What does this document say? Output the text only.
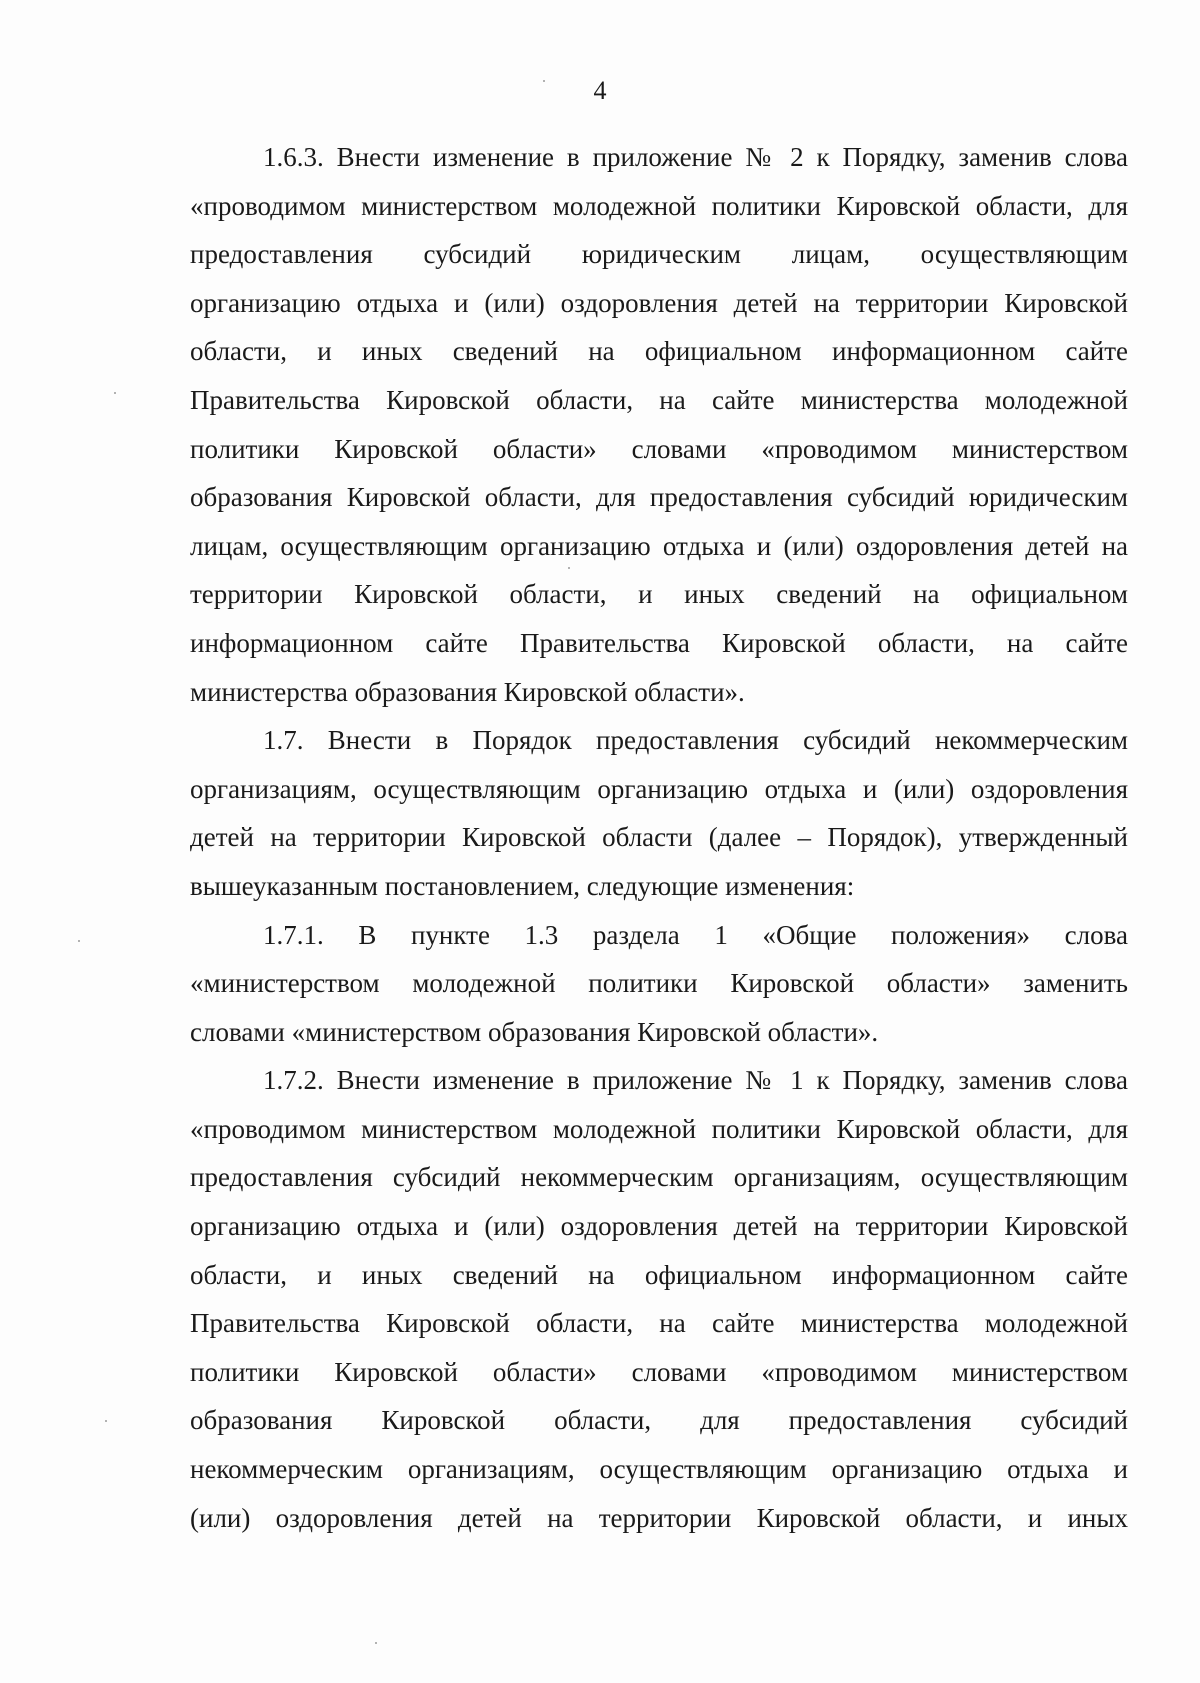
4
1.6.3. Внести изменение в приложение № 2 к Порядку, заменив слова
«проводимом министерством молодежной политики Кировской области, для
предоставления субсидий юридическим лицам, осуществляющим
организацию отдыха и (или) оздоровления детей на территории Кировской
области, и иных сведений на официальном информационном сайте
Правительства Кировской области, на сайте министерства молодежной
политики Кировской области» словами «проводимом министерством
образования Кировской области, для предоставления субсидий юридическим
лицам, осуществляющим организацию отдыха и (или) оздоровления детей на
территории Кировской области, и иных сведений на официальном
информационном сайте Правительства Кировской области, на сайте
министерства образования Кировской области».
1.7. Внести в Порядок предоставления субсидий некоммерческим
организациям, осуществляющим организацию отдыха и (или) оздоровления
детей на территории Кировской области (далее – Порядок), утвержденный
вышеуказанным постановлением, следующие изменения:
1.7.1. В пункте 1.3 раздела 1 «Общие положения» слова
«министерством молодежной политики Кировской области» заменить
словами «министерством образования Кировской области».
1.7.2. Внести изменение в приложение № 1 к Порядку, заменив слова
«проводимом министерством молодежной политики Кировской области, для
предоставления субсидий некоммерческим организациям, осуществляющим
организацию отдыха и (или) оздоровления детей на территории Кировской
области, и иных сведений на официальном информационном сайте
Правительства Кировской области, на сайте министерства молодежной
политики Кировской области» словами «проводимом министерством
образования Кировской области, для предоставления субсидий
некоммерческим организациям, осуществляющим организацию отдыха и
(или) оздоровления детей на территории Кировской области, и иных
